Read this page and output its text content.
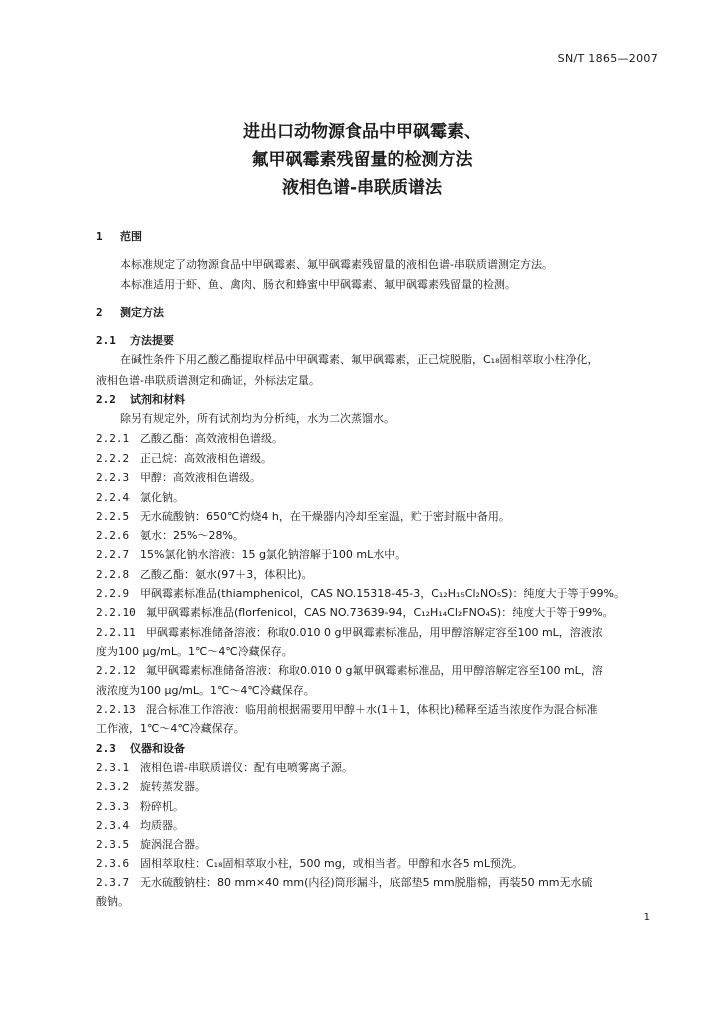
SN/T 1865—2007
进出口动物源食品中甲砜霉素、
氟甲砜霉素残留量的检测方法
液相色谱-串联质谱法
1 范围
本标准规定了动物源食品中甲砜霉素、氟甲砜霉素残留量的液相色谱-串联质谱测定方法。
本标准适用于虾、鱼、禽肉、肠衣和蜂蜜中甲砜霉素、氟甲砜霉素残留量的检测。
2 测定方法
2.1 方法提要
在碱性条件下用乙酸乙酯提取样品中甲砜霉素、氟甲砜霉素，正己烷脱脂，C₁₈固相萃取小柱净化，
液相色谱-串联质谱测定和确证，外标法定量。
2.2 试剂和材料
除另有规定外，所有试剂均为分析纯，水为二次蒸馏水。
2.2.1 乙酸乙酯：高效液相色谱级。
2.2.2 正己烷：高效液相色谱级。
2.2.3 甲醇：高效液相色谱级。
2.2.4 氯化钠。
2.2.5 无水硫酸钠：650℃灼烧4 h，在干燥器内冷却至室温，贮于密封瓶中备用。
2.2.6 氨水：25%～28%。
2.2.7 15%氯化钠水溶液：15 g氯化钠溶解于100 mL水中。
2.2.8 乙酸乙酯：氨水(97＋3，体积比)。
2.2.9 甲砜霉素标准品(thiamphenicol，CAS NO.15318-45-3，C₁₂H₁₅Cl₂NO₅S)：纯度大于等于99%。
2.2.10 氟甲砜霉素标准品(florfenicol，CAS NO.73639-94，C₁₂H₁₄Cl₂FNO₄S)：纯度大于等于99%。
2.2.11 甲砜霉素标准储备溶液：称取0.010 0 g甲砜霉素标准品，用甲醇溶解定容至100 mL，溶液浓
度为100 μg/mL。1℃～4℃冷藏保存。
2.2.12 氟甲砜霉素标准储备溶液：称取0.010 0 g氟甲砜霉素标准品，用甲醇溶解定容至100 mL，溶
液浓度为100 μg/mL。1℃～4℃冷藏保存。
2.2.13 混合标准工作溶液：临用前根据需要用甲醇＋水(1＋1，体积比)稀释至适当浓度作为混合标准
工作液，1℃～4℃冷藏保存。
2.3 仪器和设备
2.3.1 液相色谱-串联质谱仪：配有电喷雾离子源。
2.3.2 旋转蒸发器。
2.3.3 粉碎机。
2.3.4 均质器。
2.3.5 旋涡混合器。
2.3.6 固相萃取柱：C₁₈固相萃取小柱，500 mg，或相当者。甲醇和水各5 mL预洗。
2.3.7 无水硫酸钠柱：80 mm×40 mm(内径)筒形漏斗，底部垫5 mm脱脂棉，再装50 mm无水硫
酸钠。
1
